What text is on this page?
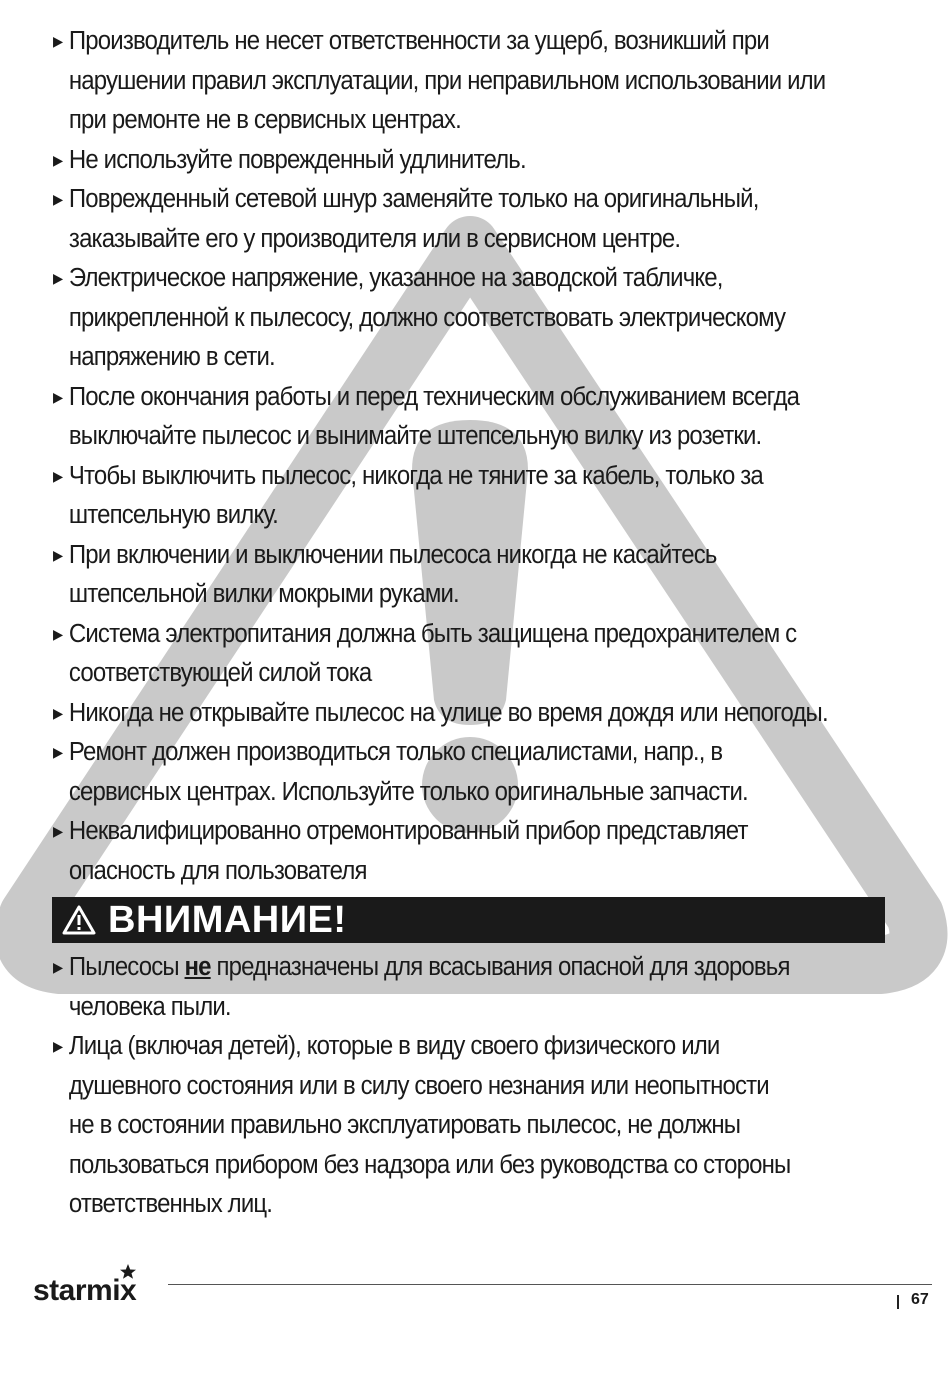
▶ Производитель не несет ответственности за ущерб, возникший при
нарушении правил эксплуатации, при неправильном использовании или
при ремонте не в сервисных центрах.
▶ Не используйте поврежденный удлинитель.
▶ Поврежденный сетевой шнур заменяйте только на оригинальный,
заказывайте его у производителя или в сервисном центре.
▶ Электрическое напряжение, указанное на заводской табличке,
прикрепленной к пылесосу, должно соответствовать электрическому
напряжению в сети.
▶ После окончания работы и перед техническим обслуживанием всегда
выключайте пылесос и вынимайте штепсельную вилку из розетки.
▶ Чтобы выключить пылесос, никогда не тяните за кабель, только за
штепсельную вилку.
▶ При включении и выключении пылесоса никогда не касайтесь
штепсельной вилки мокрыми руками.
▶ Система электропитания должна быть защищена предохранителем с
соответствующей силой тока
▶ Никогда не открывайте пылесос на улице во время дождя или непогоды.
▶ Ремонт должен производиться только специалистами, напр., в
сервисных центрах. Используйте только оригинальные запчасти.
▶ Неквалифицированно отремонтированный прибор представляет
опасность для пользователя
ВНИМАНИЕ!
▶ Пылесосы не предназначены для всасывания опасной для здоровья
человека пыли.
▶ Лица (включая детей), которые в виду своего физического или
душевного состояния или в силу своего незнания или неопытности
не в состоянии правильно эксплуатировать пылесос, не должны
пользоваться прибором без надзора или без руководства со стороны
ответственных лиц.
starmix	67
